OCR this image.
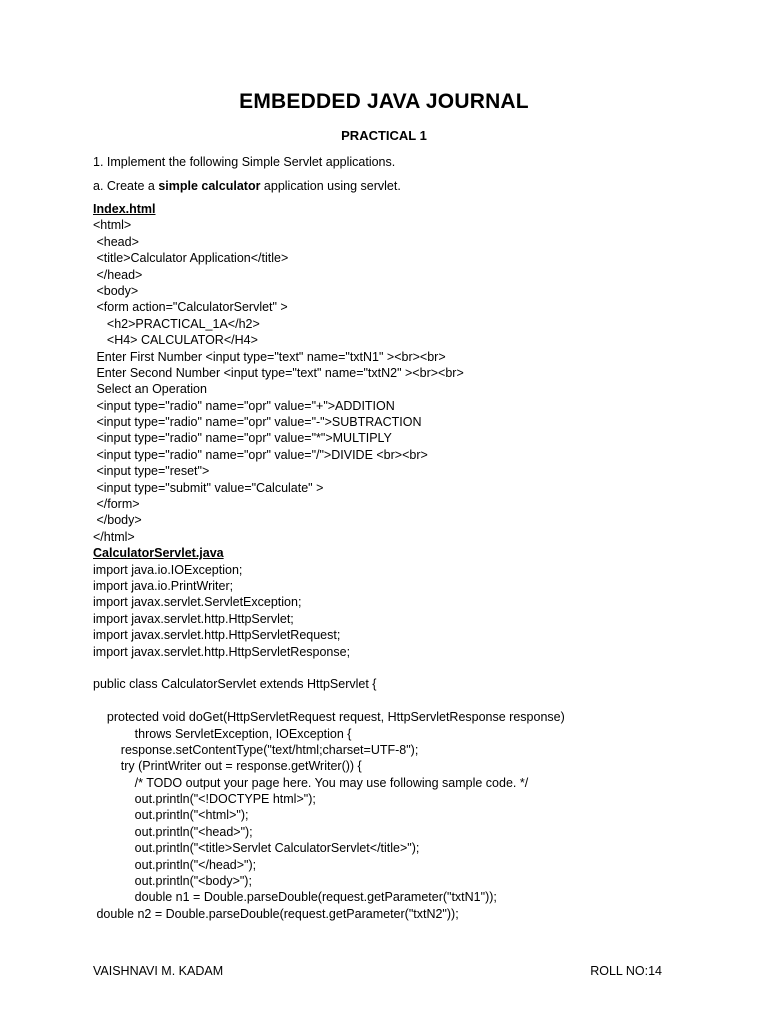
EMBEDDED JAVA JOURNAL
PRACTICAL 1
1. Implement the following Simple Servlet applications.
a. Create a simple calculator application using servlet.
Index.html
<html>
<head>
<title>Calculator Application</title>
</head>
<body>
<form action="CalculatorServlet" >
<h2>PRACTICAL_1A</h2>
<H4> CALCULATOR</H4>
Enter First Number <input type="text" name="txtN1" ><br><br>
Enter Second Number <input type="text" name="txtN2" ><br><br>
Select an Operation
<input type="radio" name="opr" value="+">ADDITION
<input type="radio" name="opr" value="-">SUBTRACTION
<input type="radio" name="opr" value="*">MULTIPLY
<input type="radio" name="opr" value="/">DIVIDE <br><br>
<input type="reset">
<input type="submit" value="Calculate" >
</form>
</body>
</html>
CalculatorServlet.java
import java.io.IOException;
import java.io.PrintWriter;
import javax.servlet.ServletException;
import javax.servlet.http.HttpServlet;
import javax.servlet.http.HttpServletRequest;
import javax.servlet.http.HttpServletResponse;
public class CalculatorServlet extends HttpServlet {
protected void doGet(HttpServletRequest request, HttpServletResponse response)
throws ServletException, IOException {
response.setContentType("text/html;charset=UTF-8");
try (PrintWriter out = response.getWriter()) {
/* TODO output your page here. You may use following sample code. */
out.println("<!DOCTYPE html>");
out.println("<html>");
out.println("<head>");
out.println("<title>Servlet CalculatorServlet</title>");
out.println("</head>");
out.println("<body>");
double n1 = Double.parseDouble(request.getParameter("txtN1"));
double n2 = Double.parseDouble(request.getParameter("txtN2"));
VAISHNAVI M. KADAM	ROLL NO:14
